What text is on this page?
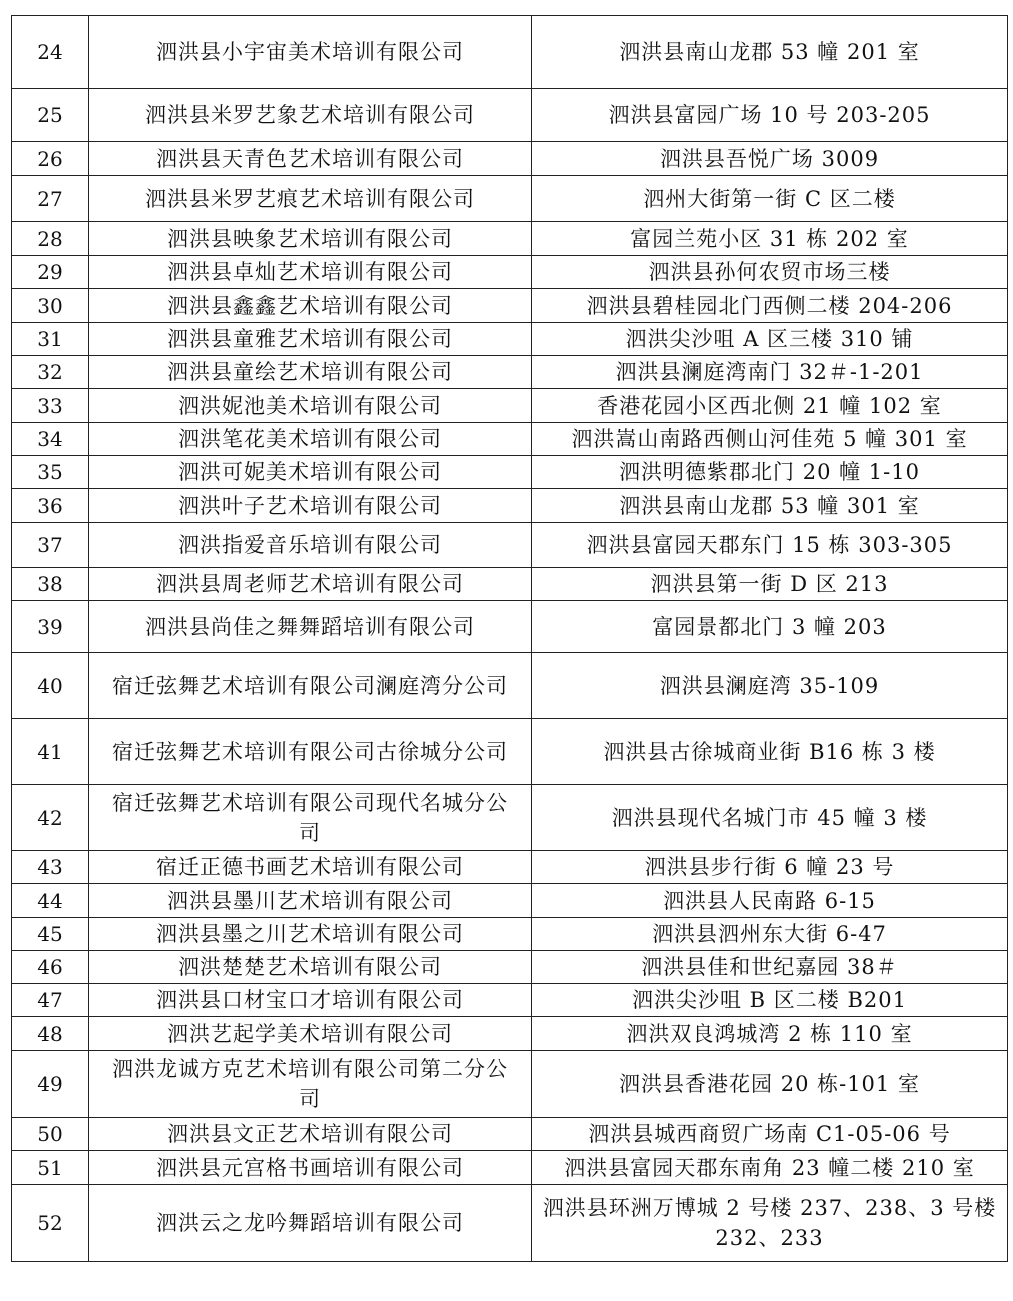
24	泗洪县小宇宙美术培训有限公司	泗洪县南山龙郡 53 幢 201 室
25	泗洪县米罗艺象艺术培训有限公司	泗洪县富园广场 10 号 203-205
26	泗洪县天青色艺术培训有限公司	泗洪县吾悦广场 3009
27	泗洪县米罗艺痕艺术培训有限公司	泗州大街第一街 C 区二楼
28	泗洪县映象艺术培训有限公司	富园兰苑小区 31 栋 202 室
29	泗洪县卓灿艺术培训有限公司	泗洪县孙何农贸市场三楼
30	泗洪县鑫鑫艺术培训有限公司	泗洪县碧桂园北门西侧二楼 204-206
31	泗洪县童雅艺术培训有限公司	泗洪尖沙咀 A 区三楼 310 铺
32	泗洪县童绘艺术培训有限公司	泗洪县澜庭湾南门 32＃-1-201
33	泗洪妮池美术培训有限公司	香港花园小区西北侧 21 幢 102 室
34	泗洪笔花美术培训有限公司	泗洪嵩山南路西侧山河佳苑 5 幢 301 室
35	泗洪可妮美术培训有限公司	泗洪明德紫郡北门 20 幢 1-10
36	泗洪叶子艺术培训有限公司	泗洪县南山龙郡 53 幢 301 室
37	泗洪指爱音乐培训有限公司	泗洪县富园天郡东门 15 栋 303-305
38	泗洪县周老师艺术培训有限公司	泗洪县第一街 D 区 213
39	泗洪县尚佳之舞舞蹈培训有限公司	富园景都北门 3 幢 203
40	宿迁弦舞艺术培训有限公司澜庭湾分公司	泗洪县澜庭湾 35-109
41	宿迁弦舞艺术培训有限公司古徐城分公司	泗洪县古徐城商业街 B16 栋 3 楼
42	宿迁弦舞艺术培训有限公司现代名城分公司	泗洪县现代名城门市 45 幢 3 楼
43	宿迁正德书画艺术培训有限公司	泗洪县步行街 6 幢 23 号
44	泗洪县墨川艺术培训有限公司	泗洪县人民南路 6-15
45	泗洪县墨之川艺术培训有限公司	泗洪县泗州东大街 6-47
46	泗洪楚楚艺术培训有限公司	泗洪县佳和世纪嘉园 38＃
47	泗洪县口材宝口才培训有限公司	泗洪尖沙咀 B 区二楼 B201
48	泗洪艺起学美术培训有限公司	泗洪双良鸿城湾 2 栋 110 室
49	泗洪龙诚方克艺术培训有限公司第二分公司	泗洪县香港花园 20 栋-101 室
50	泗洪县文正艺术培训有限公司	泗洪县城西商贸广场南 C1-05-06 号
51	泗洪县元宫格书画培训有限公司	泗洪县富园天郡东南角 23 幢二楼 210 室
52	泗洪云之龙吟舞蹈培训有限公司	泗洪县环洲万博城 2 号楼 237、238、3 号楼 232、233
